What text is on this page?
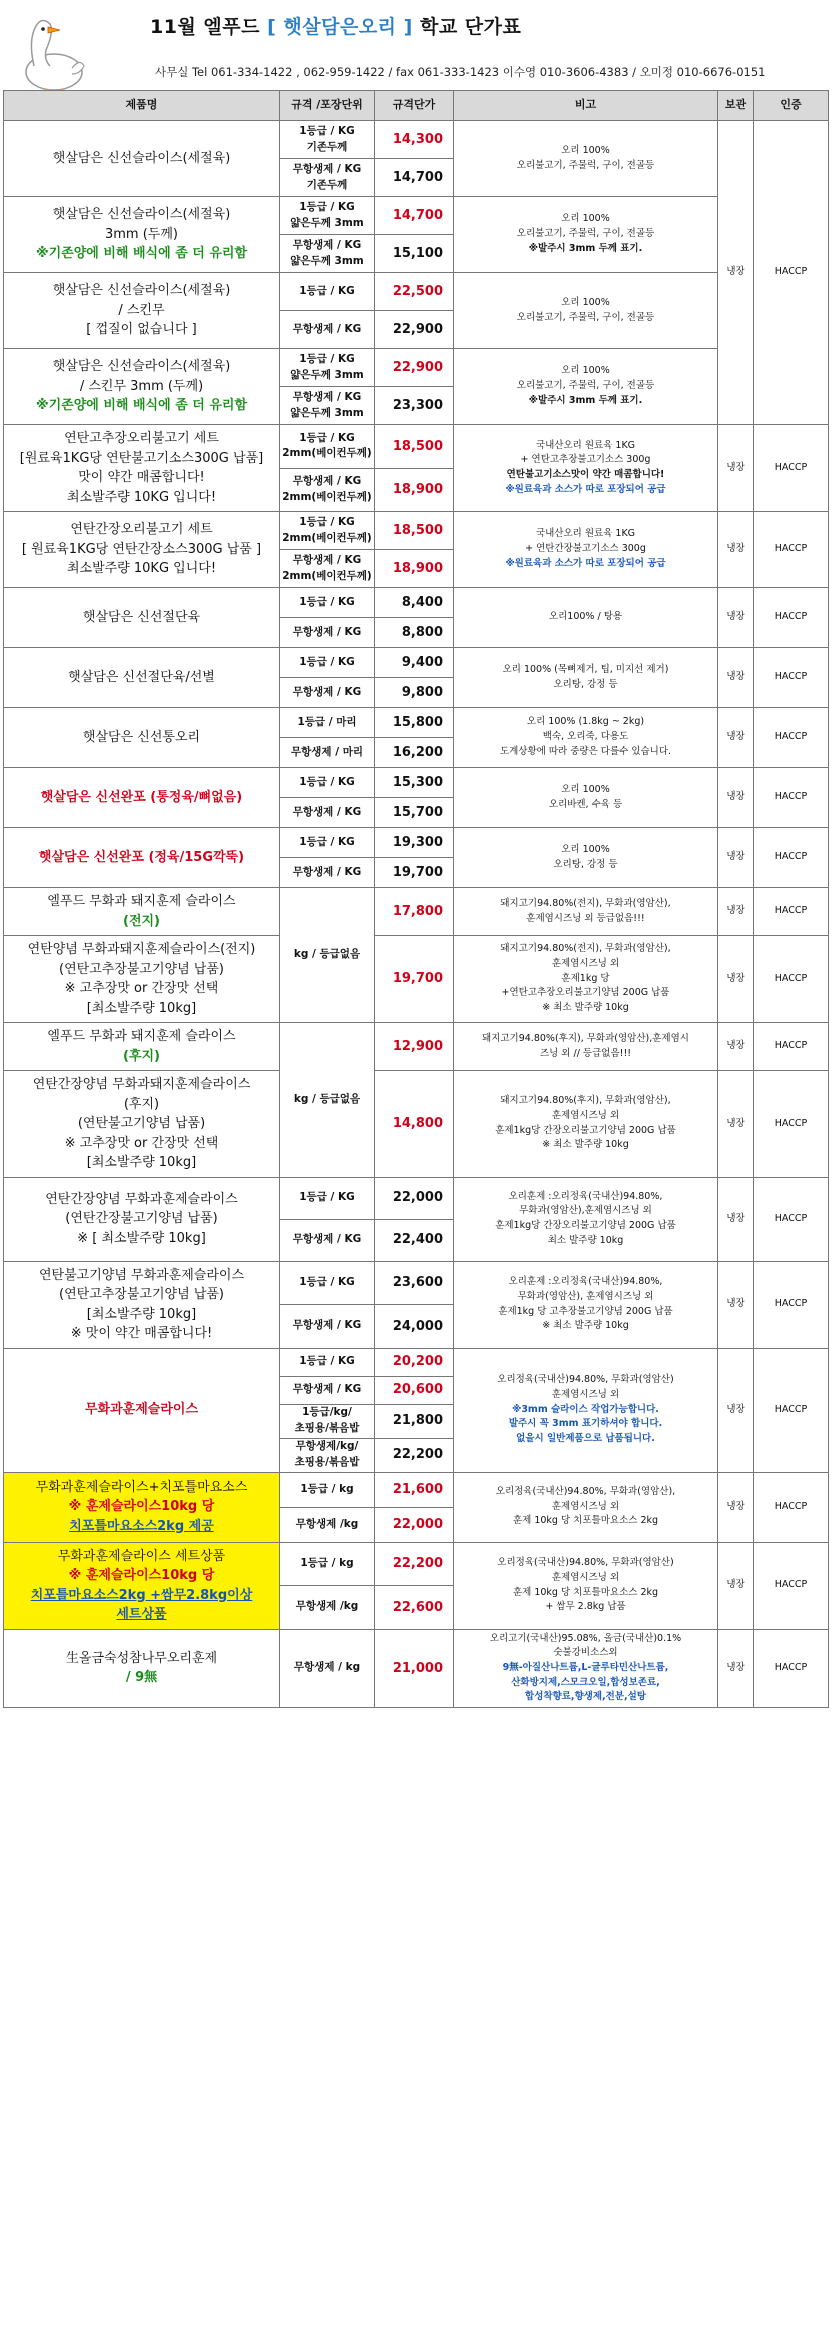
11월 엘푸드 [ 햇살담은오리 ] 학교 단가표
사무실 Tel 061-334-1422 , 062-959-1422 / fax 061-333-1423 이수영 010-3606-4383 / 오미정 010-6676-0151
제품명	규격 /포장단위	규격단가	비고	보관	인증

햇살담은 신선슬라이스(세절육)	1등급 / KG
기존두께	14,300	오리 100%
오리불고기, 주물럭, 구이, 전골등	냉장	HACCP

	무항생제 / KG
기존두께	14,700			

햇살담은 신선슬라이스(세절육)
3mm (두께)
※기존양에 비해 배식에 좀 더 유리함	1등급 / KG
얇은두께 3mm	14,700	오리 100%
오리불고기, 주물럭, 구이, 전골등
※발주시 3mm 두께 표기.		

	무항생제 / KG
얇은두께 3mm	15,100			

햇살담은 신선슬라이스(세절육)
/ 스킨무
[ 껍질이 없습니다 ]	1등급 / KG	22,500	오리 100%
오리불고기, 주물럭, 구이, 전골등		

	무항생제 / KG	22,900			

햇살담은 신선슬라이스(세절육)
/ 스킨무 3mm (두께)
※기존양에 비해 배식에 좀 더 유리함	1등급 / KG
얇은두께 3mm	22,900	오리 100%
오리불고기, 주물럭, 구이, 전골등
※발주시 3mm 두께 표기.		

	무항생제 / KG
얇은두께 3mm	23,300			

연탄고추장오리불고기 세트
[원료육1KG당 연탄불고기소스300G 납품]
맛이 약간 매콤합니다!
최소발주량 10KG 입니다!	1등급 / KG
2mm(베이컨두께)	18,500	국내산오리 원료육 1KG
+ 연탄고추장불고기소스 300g
연탄불고기소스맛이 약간 매콤합니다!
※원료육과 소스가 따로 포장되어 공급	냉장	HACCP

	무항생제 / KG
2mm(베이컨두께)	18,900			

연탄간장오리불고기 세트
[ 원료육1KG당 연탄간장소스300G 납품 ]
최소발주량 10KG 입니다!	1등급 / KG
2mm(베이컨두께)	18,500	국내산오리 원료육 1KG
+ 연탄간장불고기소스 300g
※원료육과 소스가 따로 포장되어 공급	냉장	HACCP

	무항생제 / KG
2mm(베이컨두께)	18,900			

햇살담은 신선절단육	1등급 / KG	8,400	오리100% / 탕용	냉장	HACCP

	무항생제 / KG	8,800			

햇살담은 신선절단육/선별	1등급 / KG	9,400	오리 100% (목뼈제거, 팁, 미지선 제거)
오리탕, 강정 등	냉장	HACCP

	무항생제 / KG	9,800			

햇살담은 신선통오리	1등급 / 마리	15,800	오리 100% (1.8kg ~ 2kg)
백숙, 오리죽, 다용도
도계상황에 따라 중량은 다를수 있습니다.	냉장	HACCP

	무항생제 / 마리	16,200			

햇살담은 신선완포 (통정육/뼈없음)	1등급 / KG	15,300	오리 100%
오리바켄, 수육 등	냉장	HACCP

	무항생제 / KG	15,700			

햇살담은 신선완포 (정육/15G깍뚝)	1등급 / KG	19,300	오리 100%
오리탕, 강정 등	냉장	HACCP

	무항생제 / KG	19,700			

엘푸드 무화과 돼지훈제 슬라이스
(전지)	kg / 등급없음	17,800	돼지고기94.80%(전지), 무화과(영암산),
훈제염시즈닝 외 등급없음!!!	냉장	HACCP

연탄양념 무화과돼지훈제슬라이스(전지)
(연탄고추장불고기양념 납품)
※ 고추장맛 or 간장맛 선택
[최소발주량 10kg]		19,700	돼지고기94.80%(전지), 무화과(영암산),
훈제염시즈닝 외
훈제1kg 당
+연탄고추장오리불고기양념 200G 납품
※ 최소 발주량 10kg	냉장	HACCP

엘푸드 무화과 돼지훈제 슬라이스
(후지)	kg / 등급없음	12,900	돼지고기94.80%(후지), 무화과(영암산),훈제염시
즈닝 외 // 등급없음!!!	냉장	HACCP

연탄간장양념 무화과돼지훈제슬라이스
(후지)
(연탄불고기양념 납품)
※ 고추장맛 or 간장맛 선택
[최소발주량 10kg]		14,800	돼지고기94.80%(후지), 무화과(영암산),
훈제염시즈닝 외
훈제1kg당 간장오리불고기양념 200G 납품
※ 최소 발주량 10kg	냉장	HACCP

연탄간장양념 무화과훈제슬라이스
(연탄간장불고기양념 납품)
※ [ 최소발주량 10kg]	1등급 / KG	22,000	오리훈제 :오리정육(국내산)94.80%,
무화과(영암산),훈제염시즈닝 외
훈제1kg당 간장오리불고기양념 200G 납품
최소 발주량 10kg	냉장	HACCP

	무항생제 / KG	22,400			

연탄불고기양념 무화과훈제슬라이스
(연탄고추장불고기양념 납품)
[최소발주량 10kg]
※ 맛이 약간 매콤합니다!	1등급 / KG	23,600	오리훈제 :오리정육(국내산)94.80%,
무화과(영암산), 훈제염시즈닝 외
훈제1kg 당 고추장불고기양념 200G 납품
※ 최소 발주량 10kg	냉장	HACCP

	무항생제 / KG	24,000			
무화과훈제슬라이스	1등급 / KG	20,200	오리정육(국내산)94.80%, 무화과(영암산)
훈제염시즈닝 외
※3mm 슬라이스 작업가능합니다.
발주시 꼭 3mm 표기하셔야 합니다.
없을시 일반제품으로 납품됩니다.	냉장	HACCP

	무항생제 / KG	20,600			

	1등급/kg/
초핑용/볶음밥	21,800			

	무항생제/kg/
초핑용/볶음밥	22,200			

무화과훈제슬라이스+치포틀마요소스
※ 훈제슬라이스10kg 당
치포틀마요소스2kg 제공	1등급 / kg	21,600	오리정육(국내산)94.80%, 무화과(영암산),
훈제염시즈닝 외
훈제 10kg 당 치포틀마요소스 2kg	냉장	HACCP

	무항생제 /kg	22,000			

무화과훈제슬라이스 세트상품
※ 훈제슬라이스10kg 당
치포틀마요소스2kg +쌈무2.8kg이상
세트상품	1등급 / kg	22,200	오리정육(국내산)94.80%, 무화과(영암산)
훈제염시즈닝 외
훈제 10kg 당 치포틀마요소스 2kg
+ 쌈무 2.8kg 납품	냉장	HACCP

	무항생제 /kg	22,600			

生올금숙성참나무오리훈제
/ 9無	무항생제 / kg	21,000	오리고기(국내산)95.08%, 올금(국내산)0.1%
숫불강비소스외
9無-아질산나트륨,L-글루타민산나트륨,
산화방지제,스모크오일,합성보존료,
합성착향료,향생제,전분,설탕	냉장	HACCP
